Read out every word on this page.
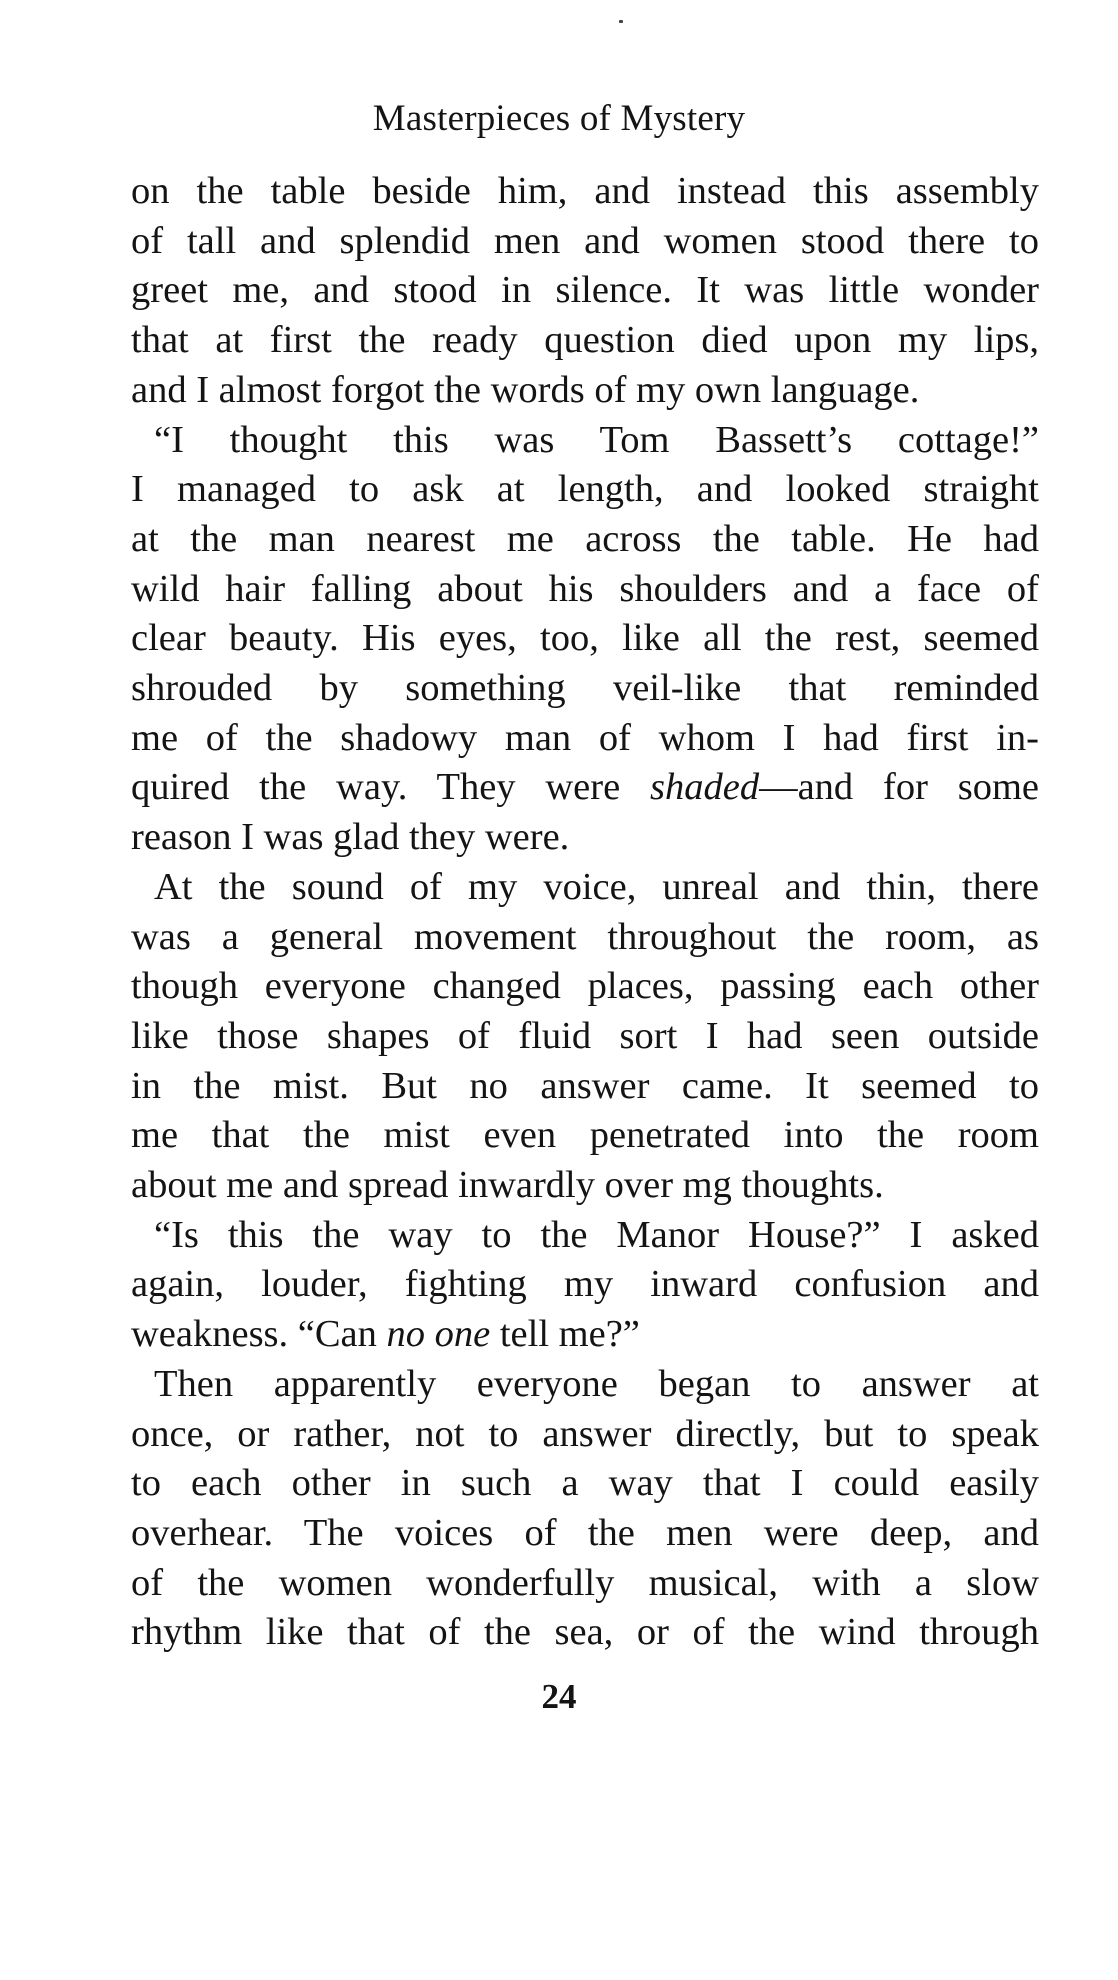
Masterpieces of Mystery

on the table beside him, and instead this assembly

of tall and splendid men and women stood there to

greet me, and stood in silence. It was little wonder

that at first the ready question died upon my lips,

and I almost forgot the words of my own language.

“I thought this was Tom Bassett’s cottage!”

I managed to ask at length, and looked straight

at the man nearest me across the table. He had

wild hair falling about his shoulders and a face of

clear beauty. His eyes, too, like all the rest, seemed

shrouded by something veil-like that reminded

me of the shadowy man of whom I had first in-

quired the way. They were shaded—and for some

reason I was glad they were.

At the sound of my voice, unreal and thin, there

was a general movement throughout the room, as

though everyone changed places, passing each other

like those shapes of fluid sort I had seen outside

in the mist. But no answer came. It seemed to

me that the mist even penetrated into the room

about me and spread inwardly over mg thoughts.

“Is this the way to the Manor House?” I asked

again, louder, fighting my inward confusion and

weakness. “Can no one tell me?”

Then apparently everyone began to answer at

once, or rather, not to answer directly, but to speak

to each other in such a way that I could easily

overhear. The voices of the men were deep, and

of the women wonderfully musical, with a slow

rhythm like that of the sea, or of the wind through

24
